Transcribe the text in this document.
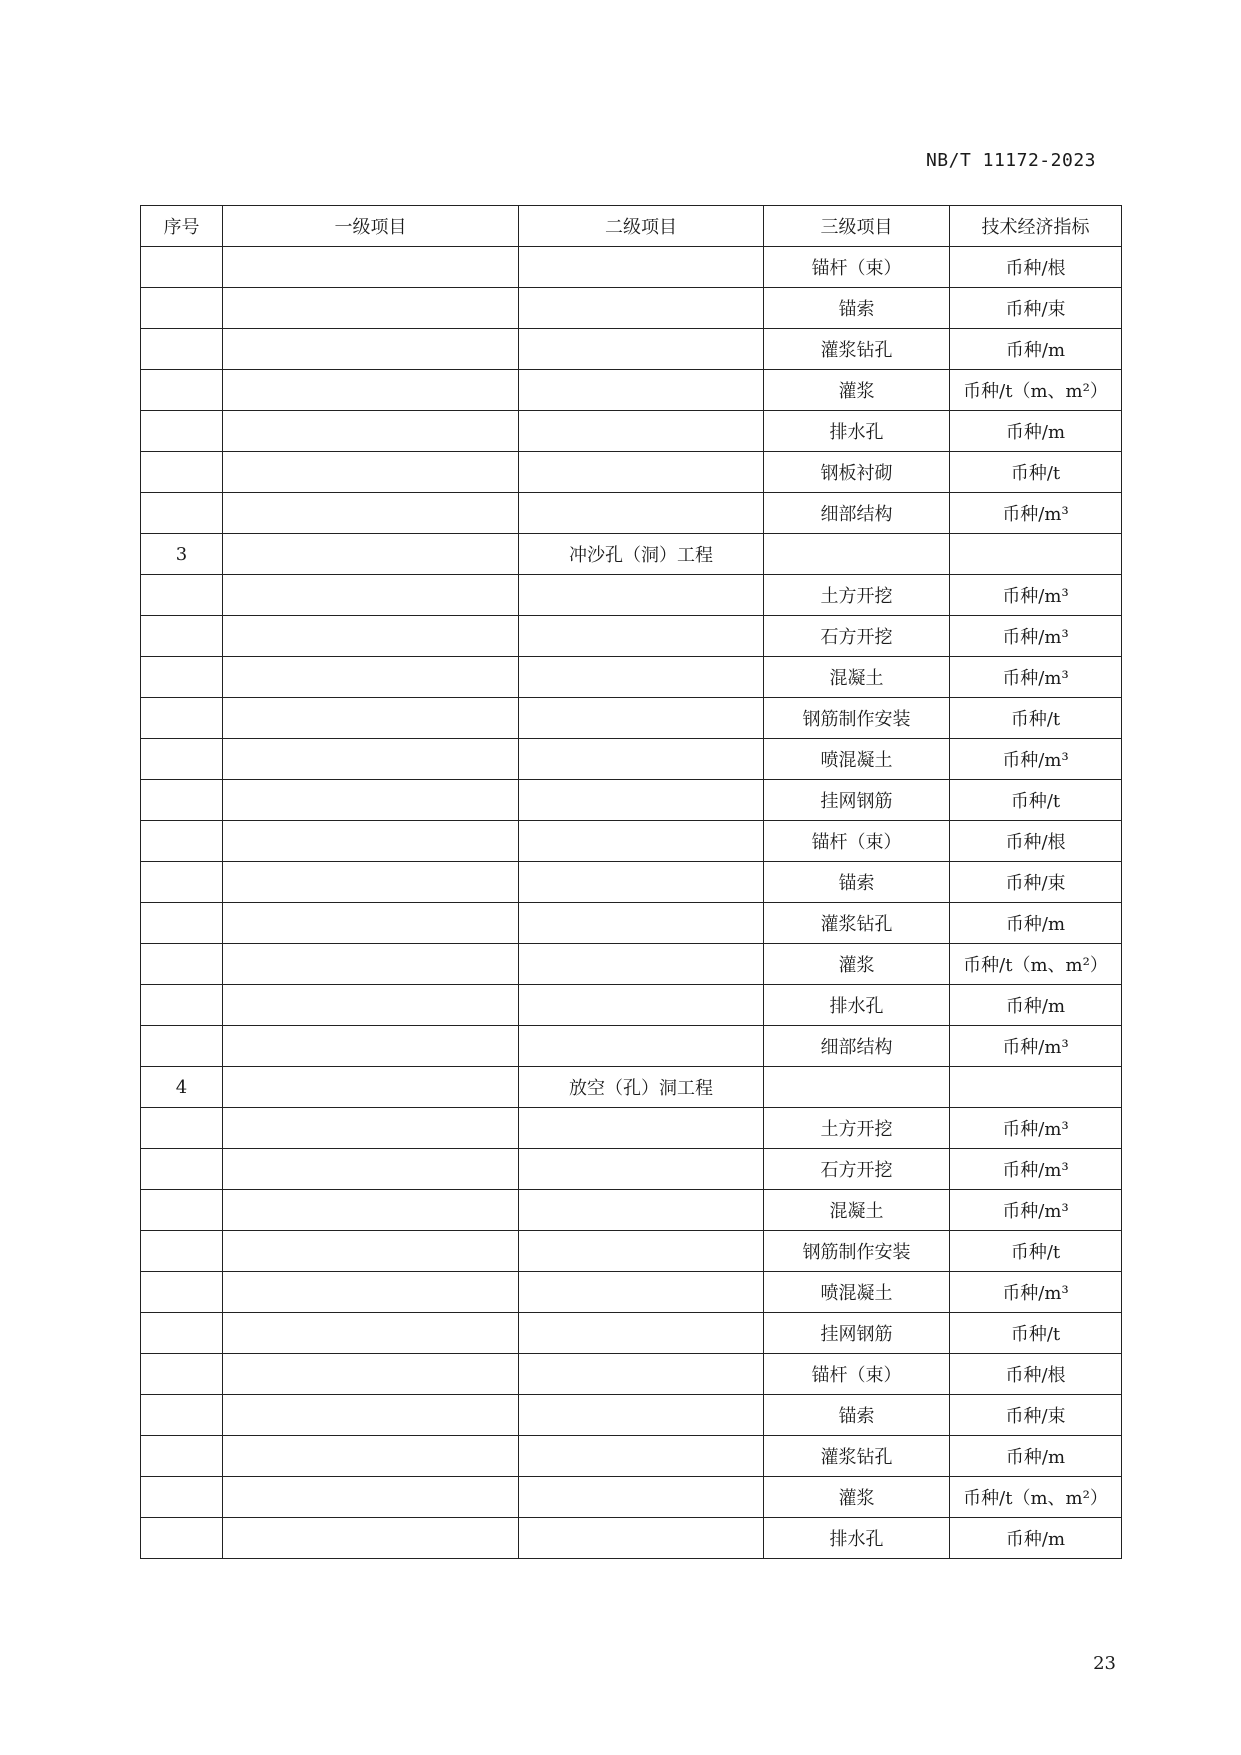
NB/T 11172-2023
序号	一级项目	二级项目	三级项目	技术经济指标
			锚杆（束）	币种/根
			锚索	币种/束
			灌浆钻孔	币种/m
			灌浆	币种/t（m、m²）
			排水孔	币种/m
			钢板衬砌	币种/t
			细部结构	币种/m³
3		冲沙孔（洞）工程		
			土方开挖	币种/m³
			石方开挖	币种/m³
			混凝土	币种/m³
			钢筋制作安装	币种/t
			喷混凝土	币种/m³
			挂网钢筋	币种/t
			锚杆（束）	币种/根
			锚索	币种/束
			灌浆钻孔	币种/m
			灌浆	币种/t（m、m²）
			排水孔	币种/m
			细部结构	币种/m³
4		放空（孔）洞工程		
			土方开挖	币种/m³
			石方开挖	币种/m³
			混凝土	币种/m³
			钢筋制作安装	币种/t
			喷混凝土	币种/m³
			挂网钢筋	币种/t
			锚杆（束）	币种/根
			锚索	币种/束
			灌浆钻孔	币种/m
			灌浆	币种/t（m、m²）
			排水孔	币种/m
23
